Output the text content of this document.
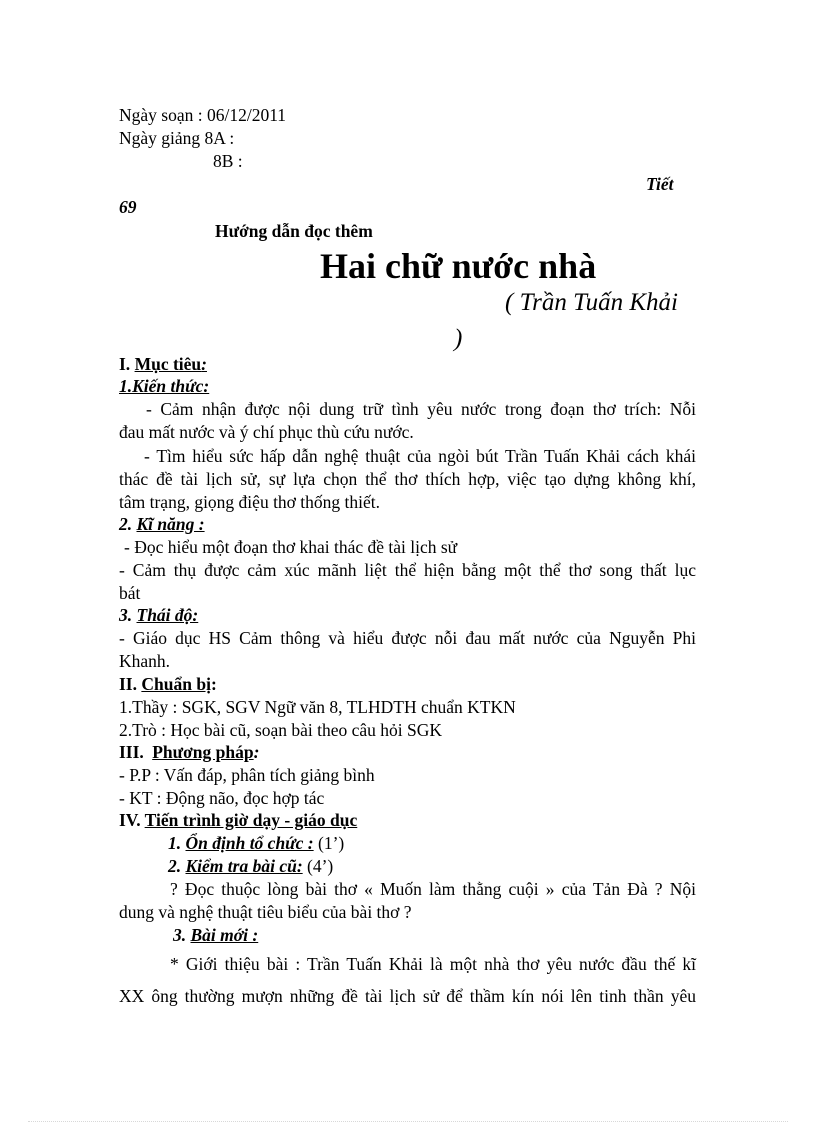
Ngày soạn : 06/12/2011
Ngày giảng 8A :
8B :
Tiết
69
Hướng dẫn đọc thêm
Hai chữ nước nhà
( Trần Tuấn Khải
)
I. Mục tiêu:
1.Kiến thức:
- Cảm nhận được nội dung trữ tình yêu nước trong đoạn thơ trích: Nỗi
đau mất nước và ý chí phục thù cứu nước.
- Tìm hiểu sức hấp dẫn nghệ thuật của ngòi bút Trần Tuấn Khải cách khái
thác đề tài lịch sử, sự lựa chọn thể thơ thích hợp, việc tạo dựng không khí,
tâm trạng, giọng điệu thơ thống thiết.
2. Kĩ năng :
- Đọc hiểu một đoạn thơ khai thác đề tài lịch sử
- Cảm thụ được cảm xúc mãnh liệt thể hiện bằng một thể thơ song thất lục
bát
3. Thái độ:
- Giáo dục HS Cảm thông và hiểu được nỗi đau mất nước của Nguyễn Phi
Khanh.
II. Chuẩn bị:
1.Thầy : SGK, SGV Ngữ văn 8, TLHDTH chuẩn KTKN
2.Trò : Học bài cũ, soạn bài theo câu hỏi SGK
III. Phương pháp:
- P.P : Vấn đáp, phân tích giảng bình
- KT : Động não, đọc hợp tác
IV. Tiến trình giờ dạy - giáo dục
1. Ổn định tổ chức : (1’)
2. Kiểm tra bài cũ: (4’)
? Đọc thuộc lòng bài thơ « Muốn làm thằng cuội » của Tản Đà ? Nội
dung và nghệ thuật tiêu biểu của bài thơ ?
3. Bài mới :
* Giới thiệu bài : Trần Tuấn Khải là một nhà thơ yêu nước đầu thế kĩ
XX ông thường mượn những đề tài lịch sử để thầm kín nói lên tinh thần yêu
